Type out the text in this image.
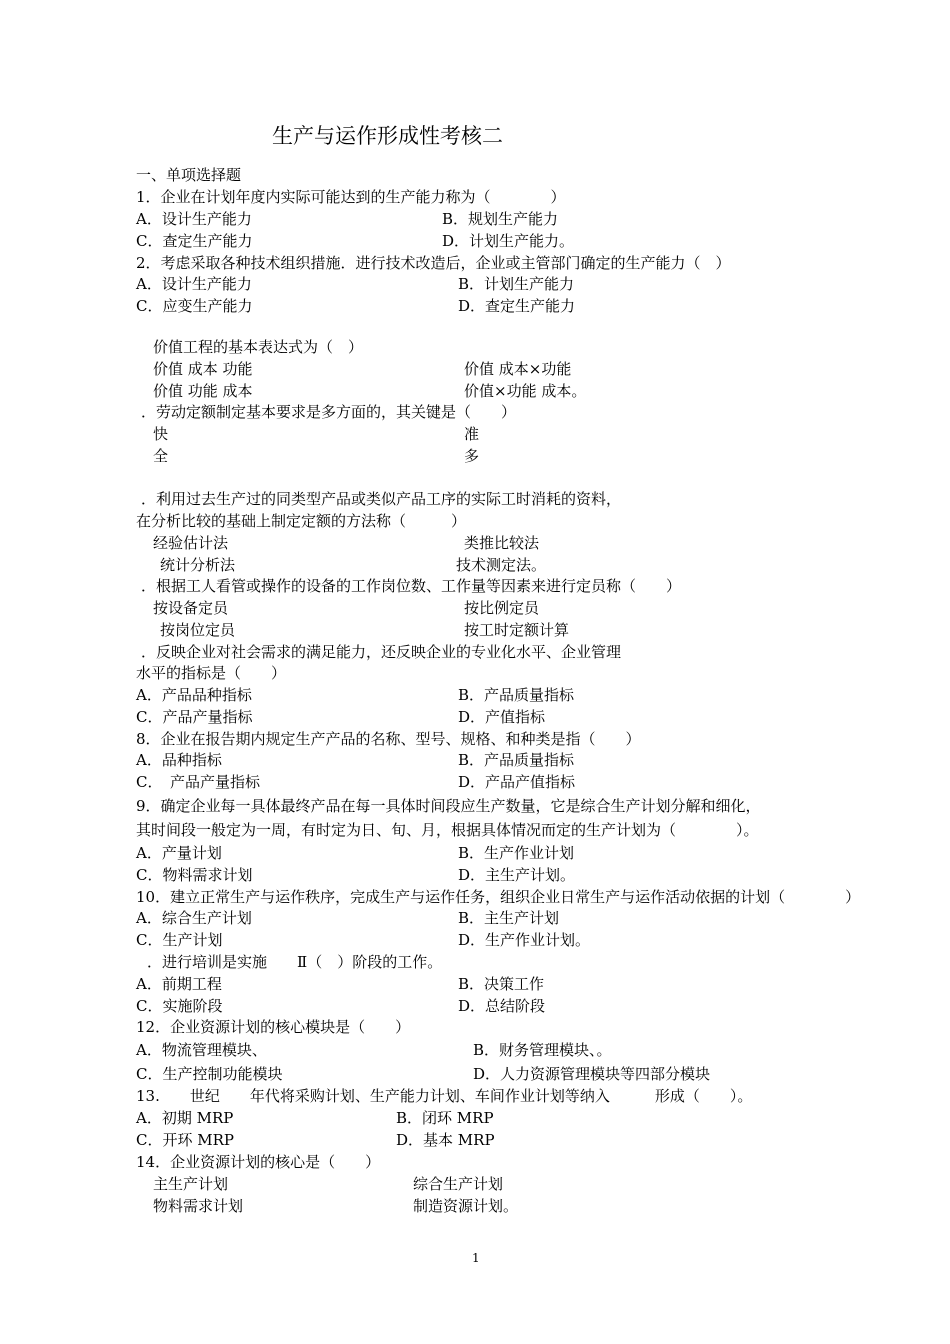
生产与运作形成性考核二
一、单项选择题
1．企业在计划年度内实际可能达到的生产能力称为（　　　　）
A．设计生产能力	B．规划生产能力
C．查定生产能力	D．计划生产能力。
2．考虑采取各种技术组织措施．进行技术改造后，企业或主管部门确定的生产能力（　）
A．设计生产能力	B．计划生产能力
C．应变生产能力	D．查定生产能力
价值工程的基本表达式为（　）
价值 成本 功能	价值 成本×功能
价值 功能 成本	价值×功能 成本。
．劳动定额制定基本要求是多方面的，其关键是（　　）
快	准
全	多
．利用过去生产过的同类型产品或类似产品工序的实际工时消耗的资料，
在分析比较的基础上制定定额的方法称（　　　）
经验估计法	类推比较法
统计分析法	技术测定法。
．根据工人看管或操作的设备的工作岗位数、工作量等因素来进行定员称（　　）
按设备定员	按比例定员
按岗位定员	按工时定额计算
．反映企业对社会需求的满足能力，还反映企业的专业化水平、企业管理
水平的指标是（　　）
A．产品品种指标	B．产品质量指标
C．产品产量指标	D．产值指标
8．企业在报告期内规定生产产品的名称、型号、规格、和种类是指（　　）
A．品种指标	B．产品质量指标
C．　产品产量指标	D．产品产值指标
9．确定企业每一具体最终产品在每一具体时间段应生产数量，它是综合生产计划分解和细化，
其时间段一般定为一周，有时定为日、旬、月，根据具体情况而定的生产计划为（　　　　）。
A．产量计划	B．生产作业计划
C．物料需求计划	D．主生产计划。
10．建立正常生产与运作秩序，完成生产与运作任务，组织企业日常生产与运作活动依据的计划（　　　　）
A．综合生产计划	B．主生产计划
C．生产计划	D．生产作业计划。
．进行培训是实施　　Ⅱ（　）阶段的工作。
A．前期工程	B．决策工作
C．实施阶段	D．总结阶段
12．企业资源计划的核心模块是（　　）
A．物流管理模块、	B．财务管理模块、。
C．生产控制功能模块	D．人力资源管理模块等四部分模块
13.　　世纪　　年代将采购计划、生产能力计划、车间作业计划等纳入　　　形成（　　）。
A．初期 MRP	B．闭环 MRP
C．开环 MRP	D．基本 MRP
14．企业资源计划的核心是（　　）
主生产计划	综合生产计划
物料需求计划	制造资源计划。
1
